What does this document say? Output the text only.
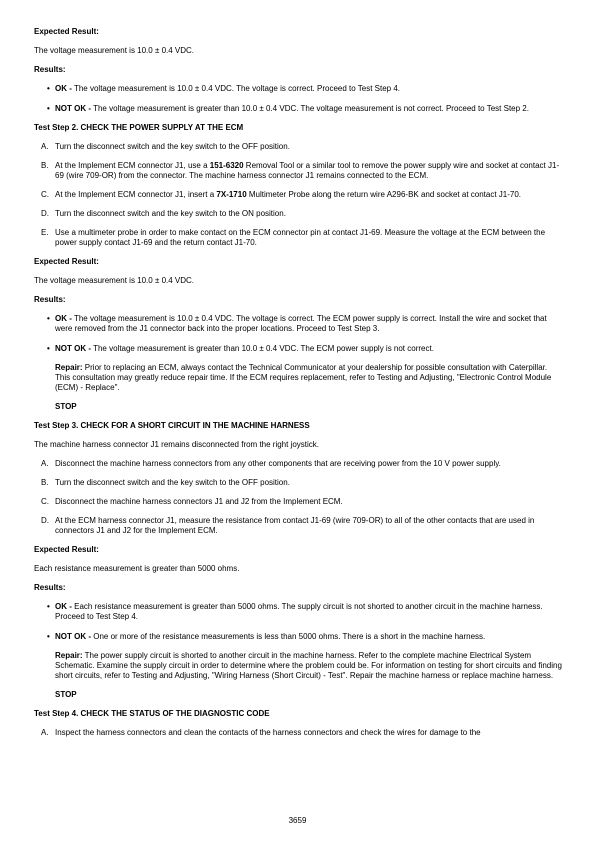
Expected Result:

The voltage measurement is 10.0 ± 0.4 VDC.

Results:

• OK - The voltage measurement is 10.0 ± 0.4 VDC. The voltage is correct. Proceed to Test Step 4.
• NOT OK - The voltage measurement is greater than 10.0 ± 0.4 VDC. The voltage measurement is not correct. Proceed to Test Step 2.

Test Step 2. CHECK THE POWER SUPPLY AT THE ECM

A. Turn the disconnect switch and the key switch to the OFF position.
B. At the Implement ECM connector J1, use a 151-6320 Removal Tool or a similar tool to remove the power supply wire and socket at contact J1-69 (wire 709-OR) from the connector. The machine harness connector J1 remains connected to the ECM.
C. At the Implement ECM connector J1, insert a 7X-1710 Multimeter Probe along the return wire A296-BK and socket at contact J1-70.
D. Turn the disconnect switch and the key switch to the ON position.
E. Use a multimeter probe in order to make contact on the ECM connector pin at contact J1-69. Measure the voltage at the ECM between the power supply contact J1-69 and the return contact J1-70.

Expected Result:

The voltage measurement is 10.0 ± 0.4 VDC.

Results:

• OK - The voltage measurement is 10.0 ± 0.4 VDC. The voltage is correct. The ECM power supply is correct. Install the wire and socket that were removed from the J1 connector back into the proper locations. Proceed to Test Step 3.
• NOT OK - The voltage measurement is greater than 10.0 ± 0.4 VDC. The ECM power supply is not correct.

Repair: Prior to replacing an ECM, always contact the Technical Communicator at your dealership for possible consultation with Caterpillar. This consultation may greatly reduce repair time. If the ECM requires replacement, refer to Testing and Adjusting, "Electronic Control Module (ECM) - Replace".

STOP

Test Step 3. CHECK FOR A SHORT CIRCUIT IN THE MACHINE HARNESS

The machine harness connector J1 remains disconnected from the right joystick.

A. Disconnect the machine harness connectors from any other components that are receiving power from the 10 V power supply.
B. Turn the disconnect switch and the key switch to the OFF position.
C. Disconnect the machine harness connectors J1 and J2 from the Implement ECM.
D. At the ECM harness connector J1, measure the resistance from contact J1-69 (wire 709-OR) to all of the other contacts that are used in connectors J1 and J2 for the Implement ECM.

Expected Result:

Each resistance measurement is greater than 5000 ohms.

Results:

• OK - Each resistance measurement is greater than 5000 ohms. The supply circuit is not shorted to another circuit in the machine harness. Proceed to Test Step 4.
• NOT OK - One or more of the resistance measurements is less than 5000 ohms. There is a short in the machine harness.

Repair: The power supply circuit is shorted to another circuit in the machine harness. Refer to the complete machine Electrical System Schematic. Examine the supply circuit in order to determine where the problem could be. For information on testing for short circuits and finding short circuits, refer to Testing and Adjusting, "Wiring Harness (Short Circuit) - Test". Repair the machine harness or replace machine harness.

STOP

Test Step 4. CHECK THE STATUS OF THE DIAGNOSTIC CODE

A. Inspect the harness connectors and clean the contacts of the harness connectors and check the wires for damage to the
3659
